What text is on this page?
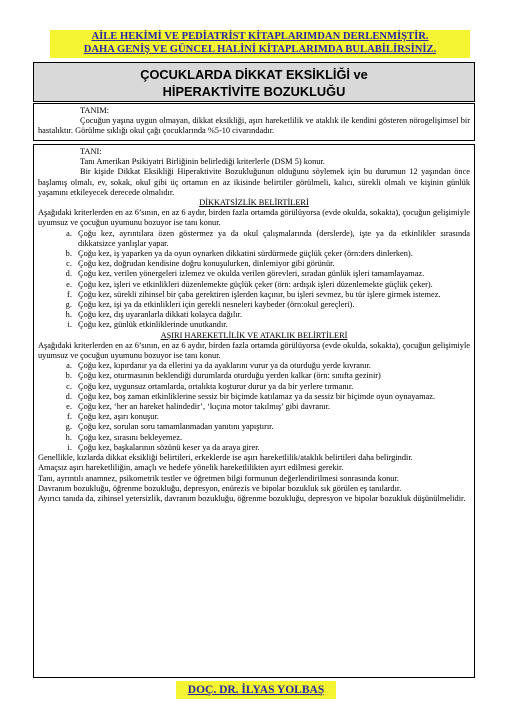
AİLE HEKİMİ VE PEDİATRİST KİTAPLARIMDAN DERLENMİŞTİR.
DAHA GENİŞ VE GÜNCEL HALİNİ KİTAPLARIMDA BULABİLİRSİNİZ.
ÇOCUKLARDA DİKKAT EKSİKLİĞİ ve
HİPERAKTİVİTE BOZUKLUĞU
TANIM:

Çocuğun yaşına uygun olmayan, dikkat eksikliği, aşırı hareketlilik ve ataklık ile kendini gösteren nörogelişimsel bir hastalıktır. Görülme sıklığı okul çağı çocuklarında %5-10 civarındadır.

TANI:

Tanı Amerikan Psikiyatri Birliğinin belirlediği kriterlerle (DSM 5) konur.

Bir kişide Dikkat Eksikliği Hiperaktivite Bozukluğunun olduğunu söylemek için bu durumun 12 yaşından önce başlamış olmalı, ev, sokak, okul gibi üç ortamın en az ikisinde belirtiler görülmeli, kalıcı, sürekli olmalı ve kişinin günlük yaşamını etkileyecek derecede olmalıdır.

DİKKATSİZLİK BELİRTİLERİ

Aşağıdaki kriterlerden en az 6’sının, en az 6 aydır, birden fazla ortamda görülüyorsa (evde okulda, sokakta), çocuğun gelişimiyle uyumsuz ve çocuğun uyumunu bozuyor ise tanı konur.

a. Çoğu kez, ayrıntılara özen göstermez ya da okul çalışmalarında (derslerde), işte ya da etkinlikler sırasında dikkatsizce yanlışlar yapar.
b. Çoğu kez, iş yaparken ya da oyun oynarken dikkatini sürdürmede güçlük çeker (örn:ders dinlerken).
c. Çoğu kez, doğrudan kendisine doğru konuşulurken, dinlemiyor gibi görünür.
d. Çoğu kez, verilen yönergeleri izlemez ve okulda verilen görevleri, sıradan günlük işleri tamamlayamaz.
e. Çoğu kez, işleri ve etkinlikleri düzenlemekte güçlük çeker (örn: ardışık işleri düzenlemekte güçlük çeker).
f. Çoğu kez, sürekli zihinsel bir çaba gerektiren işlerden kaçınır, bu işleri sevmez, bu tür işlere girmek istemez.
g. Çoğu kez, işi ya da etkinlikleri için gerekli nesneleri kaybeder (örn:okul gereçleri).
h. Çoğu kez, dış uyaranlarla dikkati kolayca dağılır.
i. Çoğu kez, günlük etkinliklerinde unutkandır.

AŞIRI HAREKETLİLİK VE ATAKLIK BELİRTİLERİ

Aşağıdaki kriterlerden en az 6’sının, en az 6 aydır, birden fazla ortamda görülüyorsa (evde okulda, sokakta), çocuğun gelişimiyle uyumsuz ve çocuğun uyumunu bozuyor ise tanı konur.

a. Çoğu kez, kıpırdanır ya da ellerini ya da ayaklarını vurur ya da oturduğu yerde kıvranır.
b. Çoğu kez, oturmasının beklendiği durumlarda oturduğu yerden kalkar (örn: sınıfta gezinir)
c. Çoğu kez, uygunsuz ortamlarda, ortalıkta koşturur durur ya da bir yerlere tırmanır.
d. Çoğu kez, boş zaman etkinliklerine sessiz bir biçimde katılamaz ya da sessiz bir biçimde oyun oynayamaz.
e. Çoğu kez, ‘her an hareket halindedir’, ‘kıçına motor takılmış’ gibi davranır.
f. Çoğu kez, aşırı konuşur.
g. Çoğu kez, sorulan soru tamamlanmadan yanıtını yapıştırır.
h. Çoğu kez, sırasını bekleyemez.
i. Çoğu kez, başkalarının sözünü keser ya da araya girer.

Genellikle, kızlarda dikkat eksikliği belirtileri, erkeklerde ise aşırı hareketlilik/ataklık belirtileri daha belirgindir.

Amaçsız aşırı hareketliliğin, amaçlı ve hedefe yönelik hareketlilikten ayırt edilmesi gerekir.

Tanı, ayrıntılı anamnez, psikometrik testler ve öğretmen bilgi formunun değerlendirilmesi sonrasında konur.

Davranım bozukluğu, öğrenme bozukluğu, depresyon, enürezis ve bipolar bozukluk sık görülen eş tanılardır.

Ayırıcı tanıda da, zihinsel yetersizlik, davranım bozukluğu, öğrenme bozukluğu, depresyon ve bipolar bozukluk düşünülmelidir.

DOÇ. DR. İLYAS YOLBAŞ
